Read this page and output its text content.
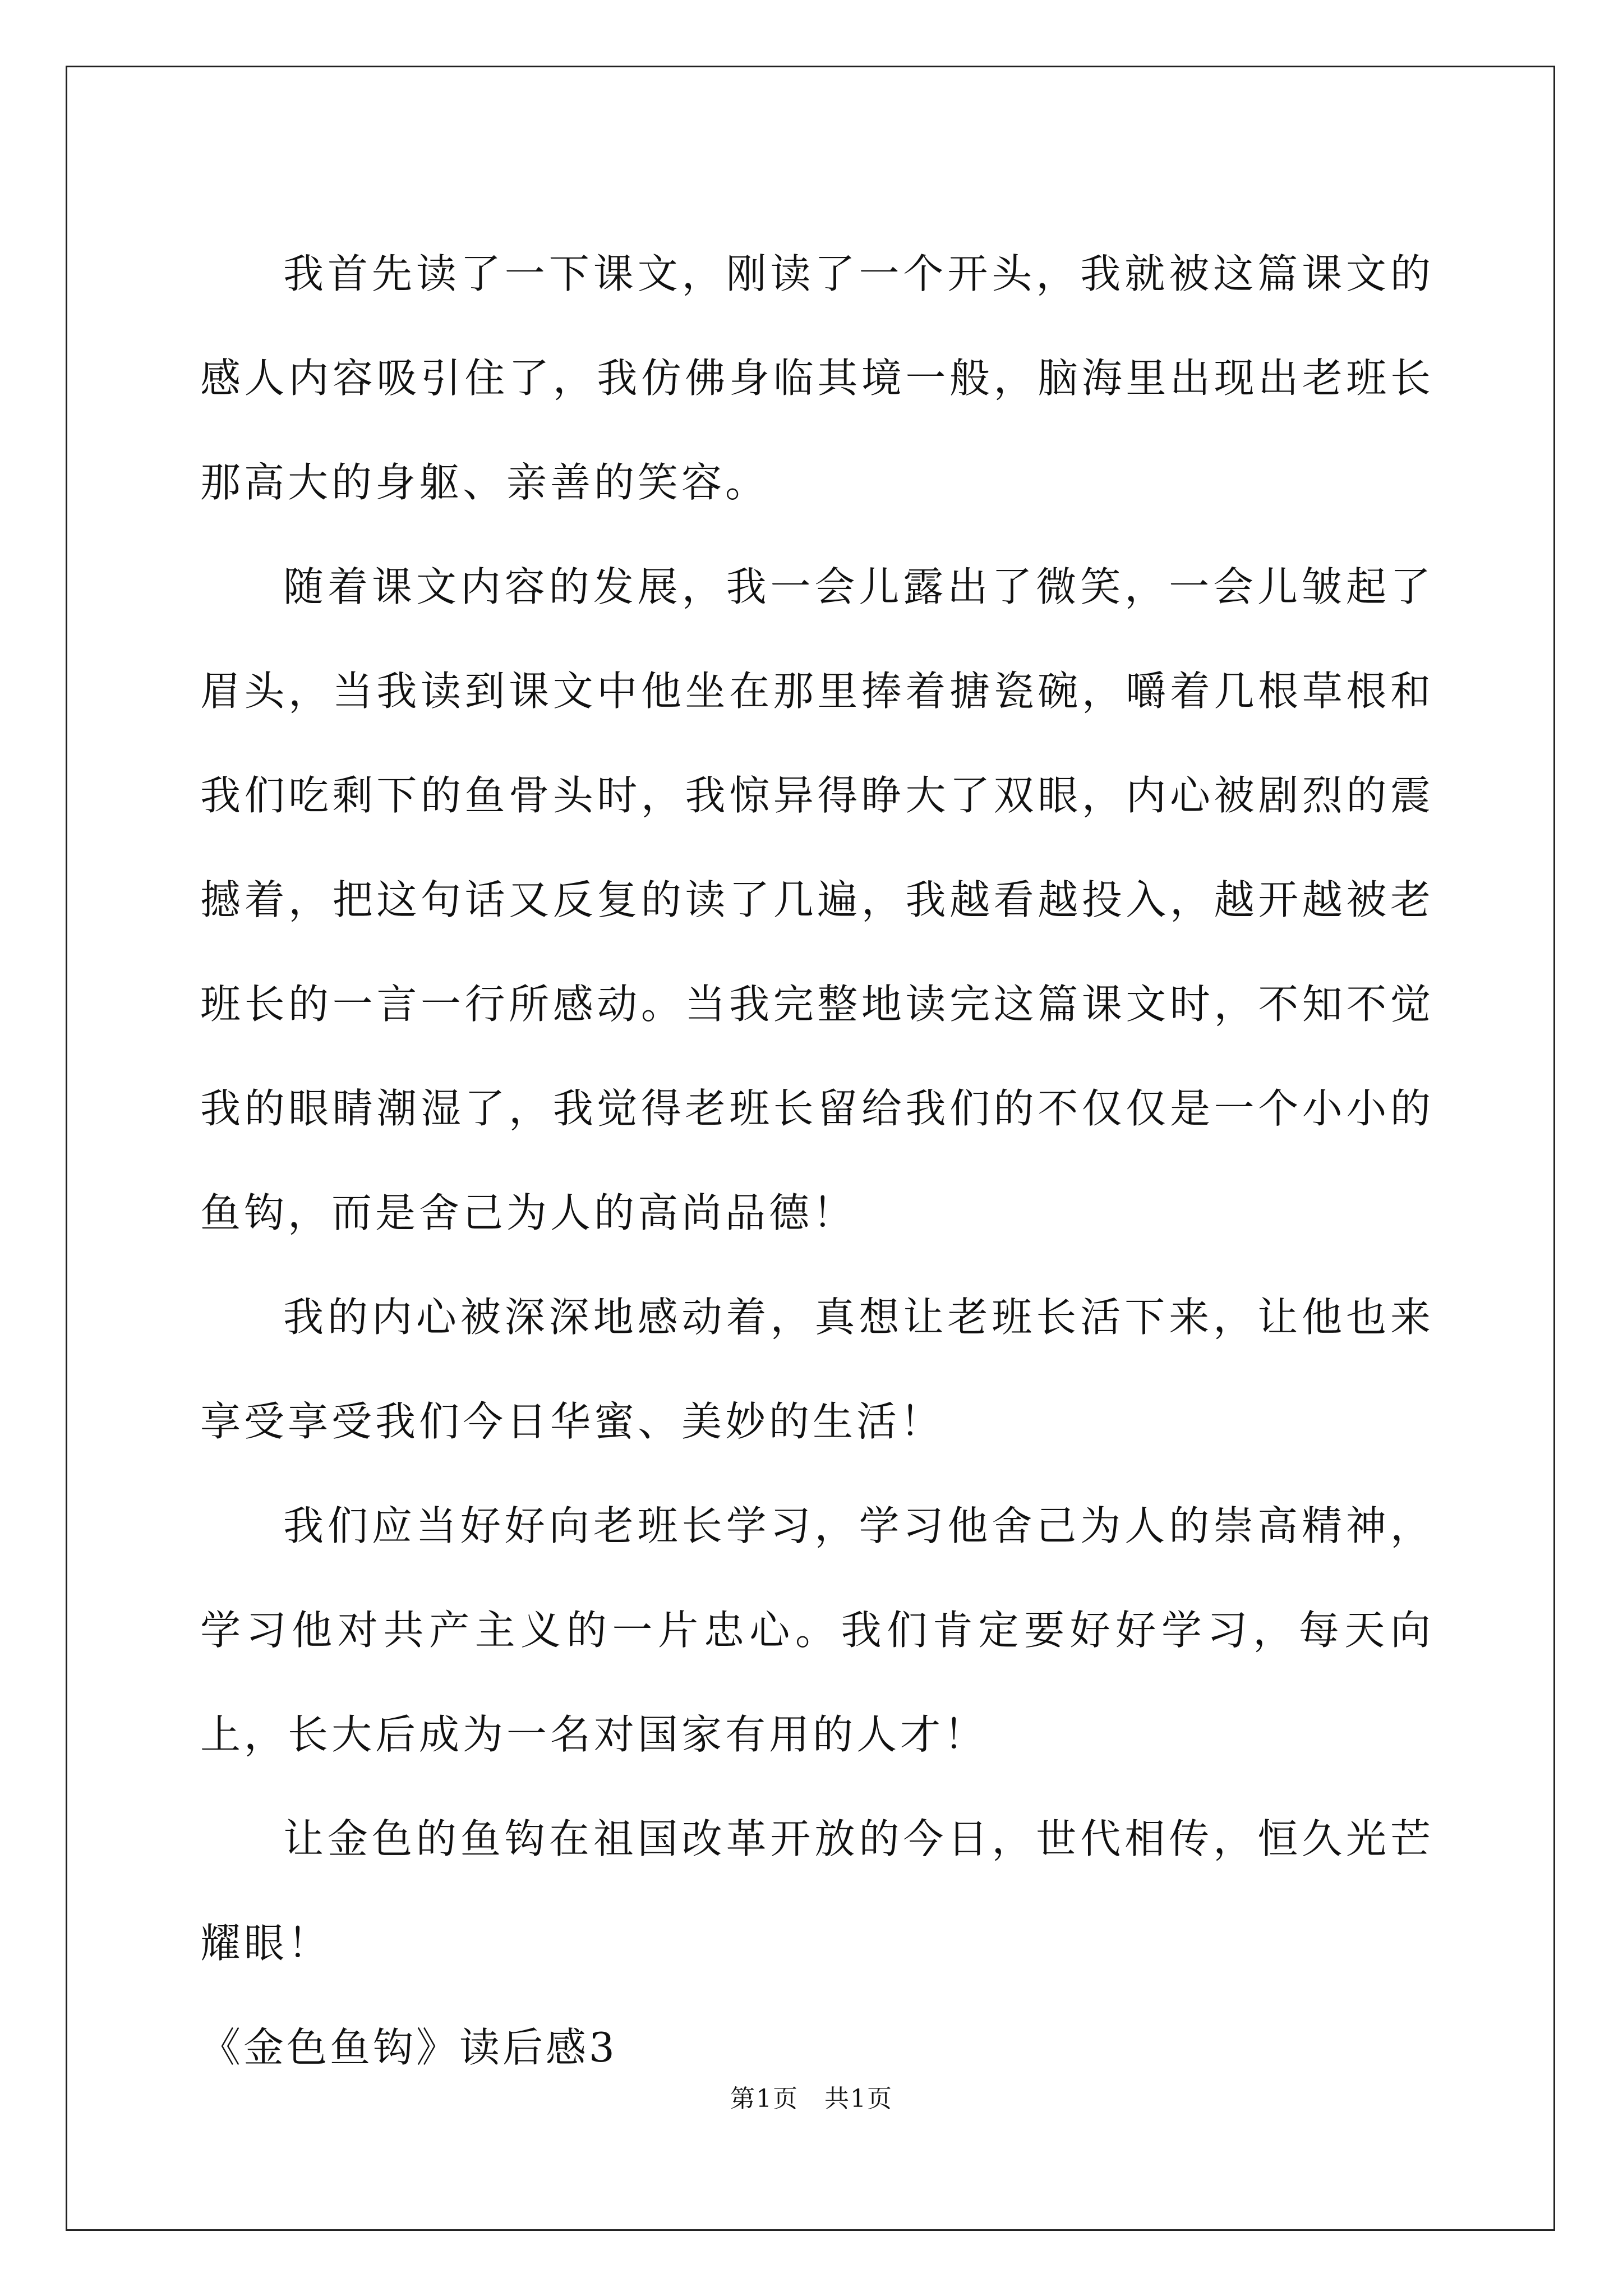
我首先读了一下课文，刚读了一个开头，我就被这篇课文的感人内容吸引住了，我仿佛身临其境一般，脑海里出现出老班长那高大的身躯、亲善的笑容。

随着课文内容的发展，我一会儿露出了微笑，一会儿皱起了眉头，当我读到课文中他坐在那里捧着搪瓷碗，嚼着几根草根和我们吃剩下的鱼骨头时，我惊异得睁大了双眼，内心被剧烈的震撼着，把这句话又反复的读了几遍，我越看越投入，越开越被老班长的一言一行所感动。当我完整地读完这篇课文时，不知不觉我的眼睛潮湿了，我觉得老班长留给我们的不仅仅是一个小小的鱼钩，而是舍己为人的高尚品德！

我的内心被深深地感动着，真想让老班长活下来，让他也来享受享受我们今日华蜜、美妙的生活！

我们应当好好向老班长学习，学习他舍己为人的崇高精神，学习他对共产主义的一片忠心。我们肯定要好好学习，每天向上，长大后成为一名对国家有用的人才！

让金色的鱼钩在祖国改革开放的今日，世代相传，恒久光芒耀眼！

《金色鱼钩》读后感3

第1页　共1页
